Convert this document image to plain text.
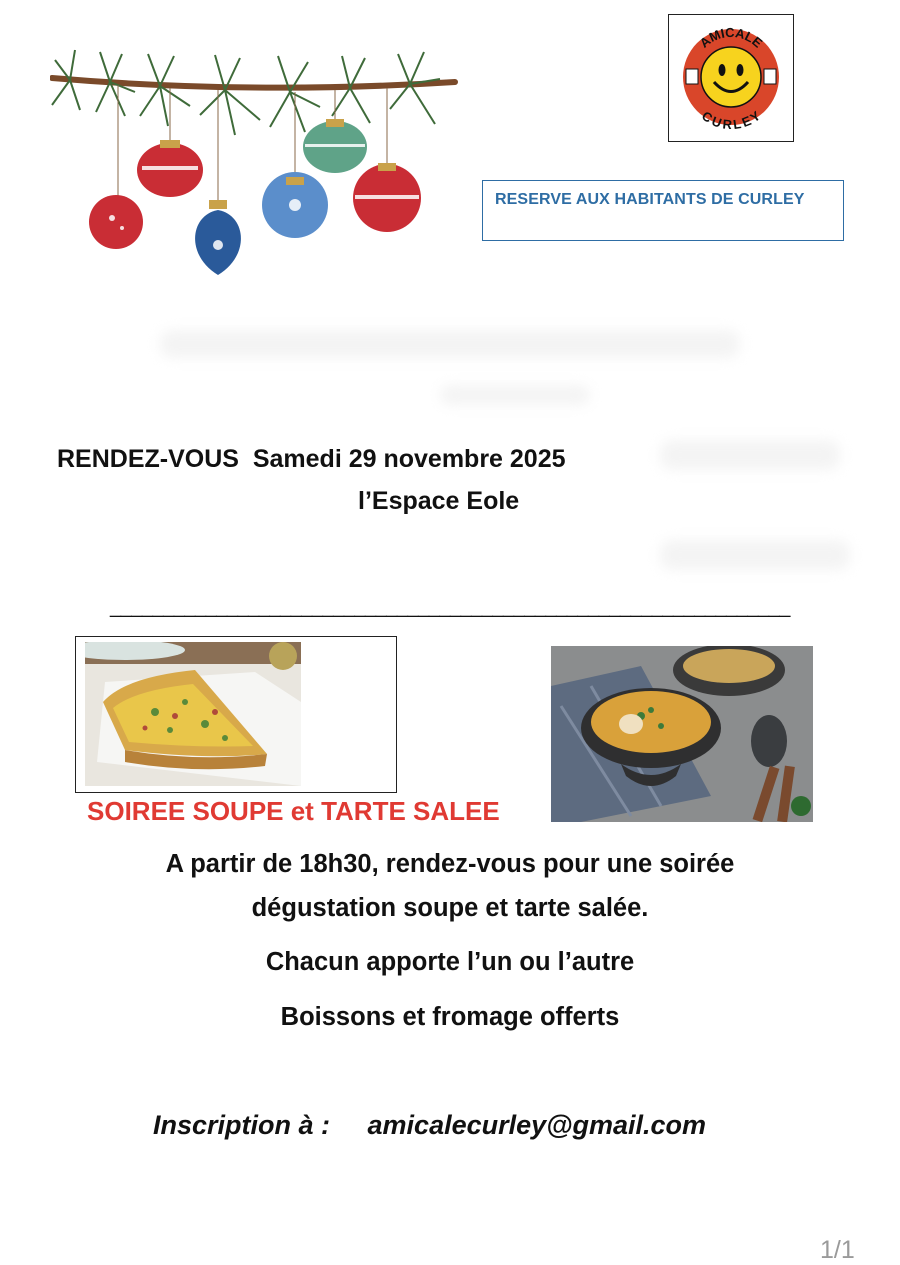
AMICALE
CURLEY
RESERVE AUX HABITANTS DE CURLEY
RENDEZ-VOUS  Samedi 29 novembre 2025
l’Espace Eole
________________________________________________________________
SOIREE SOUPE et TARTE SALEE
A partir de 18h30, rendez-vous pour une soirée
dégustation soupe et tarte salée.
Chacun apporte l’un ou l’autre
Boissons et fromage offerts
Inscription à :     amicalecurley@gmail.com
1/1
